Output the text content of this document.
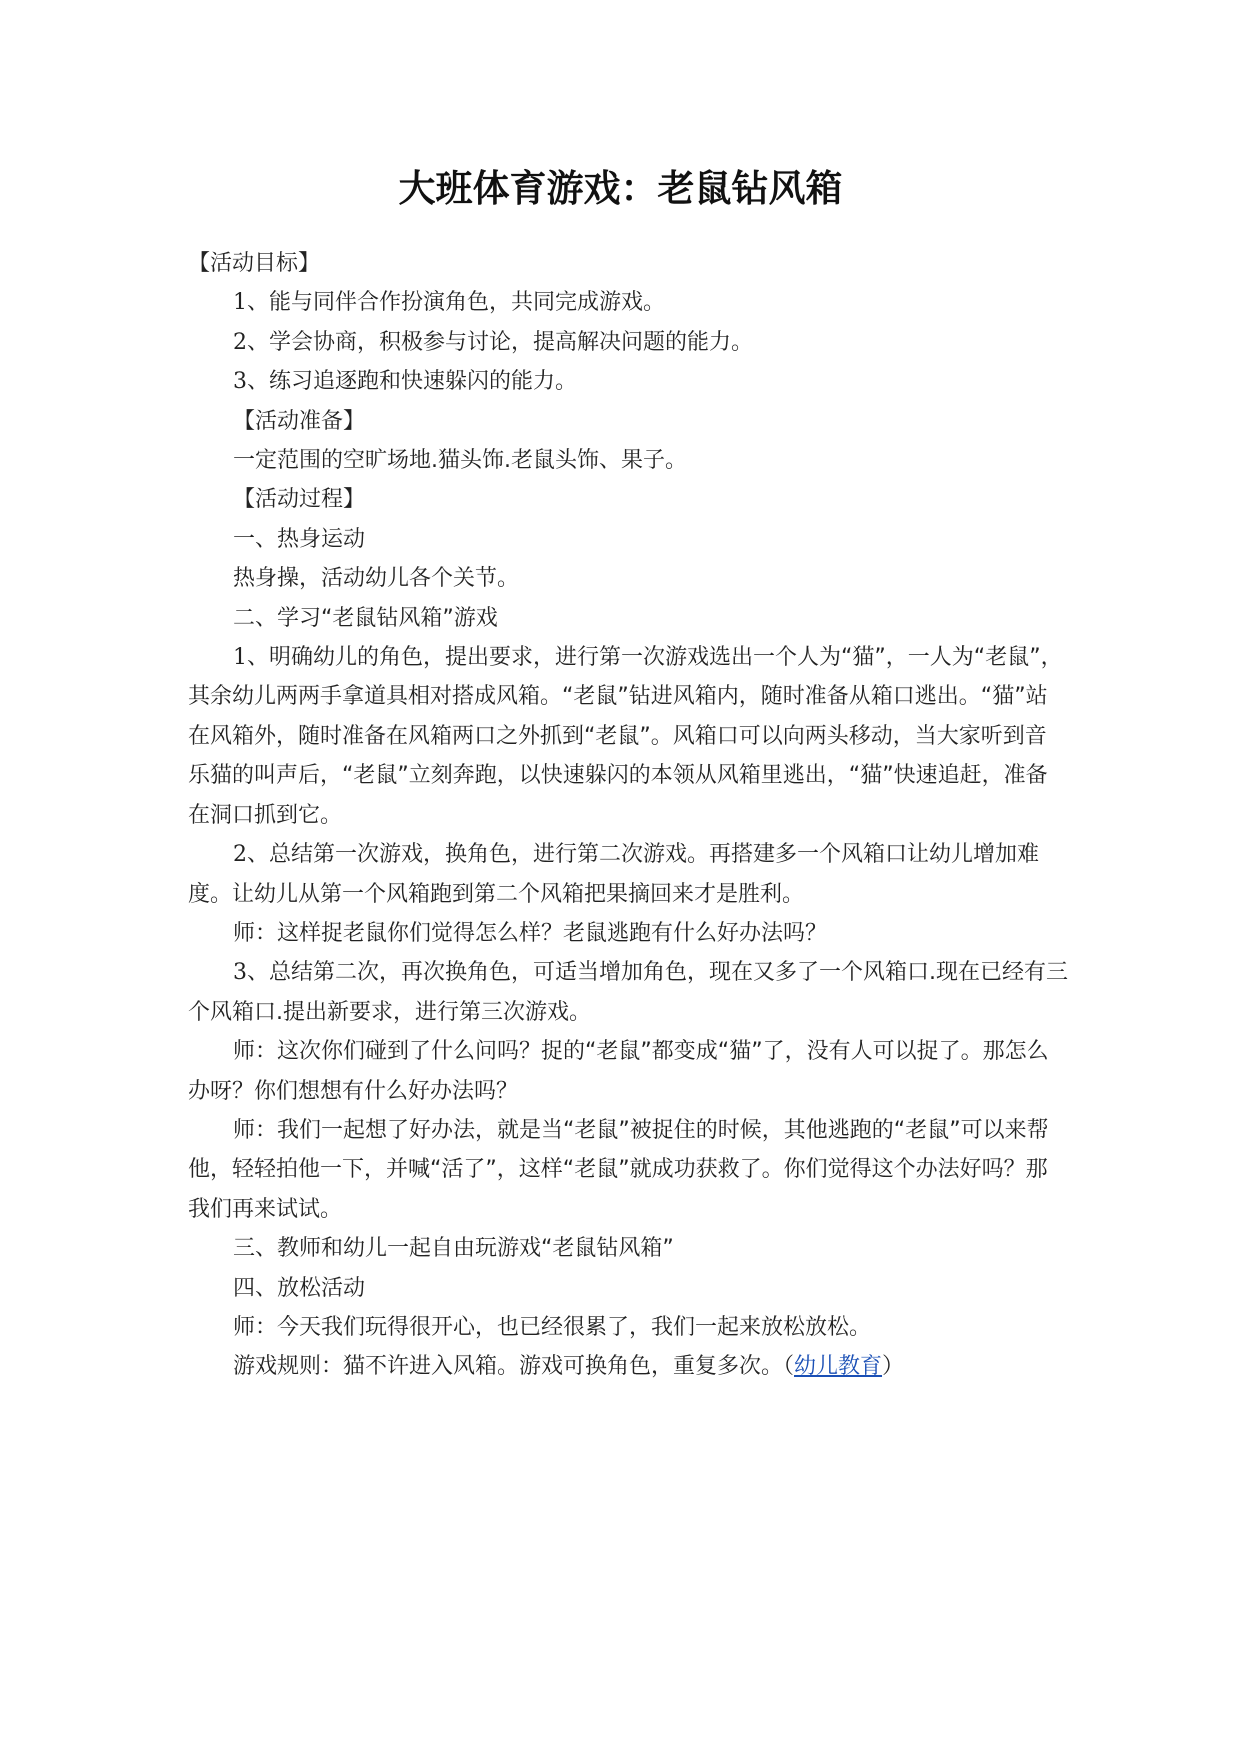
大班体育游戏：老鼠钻风箱

【活动目标】

1、能与同伴合作扮演角色，共同完成游戏。

2、学会协商，积极参与讨论，提高解决问题的能力。

3、练习追逐跑和快速躲闪的能力。

【活动准备】

一定范围的空旷场地.猫头饰.老鼠头饰、果子。

【活动过程】

一、热身运动

热身操，活动幼儿各个关节。

二、学习“老鼠钻风箱”游戏

1、明确幼儿的角色，提出要求，进行第一次游戏选出一个人为“猫”，一人为“老鼠”，其余幼儿两两手拿道具相对搭成风箱。“老鼠”钻进风箱内，随时准备从箱口逃出。“猫”站在风箱外，随时准备在风箱两口之外抓到“老鼠”。风箱口可以向两头移动，当大家听到音乐猫的叫声后，“老鼠”立刻奔跑，以快速躲闪的本领从风箱里逃出，“猫”快速追赶，准备在洞口抓到它。

2、总结第一次游戏，换角色，进行第二次游戏。再搭建多一个风箱口让幼儿增加难度。让幼儿从第一个风箱跑到第二个风箱把果摘回来才是胜利。

师：这样捉老鼠你们觉得怎么样？老鼠逃跑有什么好办法吗？

3、总结第二次，再次换角色，可适当增加角色，现在又多了一个风箱口.现在已经有三个风箱口.提出新要求，进行第三次游戏。

师：这次你们碰到了什么问吗？捉的“老鼠”都变成“猫”了，没有人可以捉了。那怎么办呀？你们想想有什么好办法吗？

师：我们一起想了好办法，就是当“老鼠”被捉住的时候，其他逃跑的“老鼠”可以来帮他，轻轻拍他一下，并喊“活了”，这样“老鼠”就成功获救了。你们觉得这个办法好吗？那我们再来试试。

三、教师和幼儿一起自由玩游戏“老鼠钻风箱”

四、放松活动

师：今天我们玩得很开心，也已经很累了，我们一起来放松放松。

游戏规则：猫不许进入风箱。游戏可换角色，重复多次。（幼儿教育）
